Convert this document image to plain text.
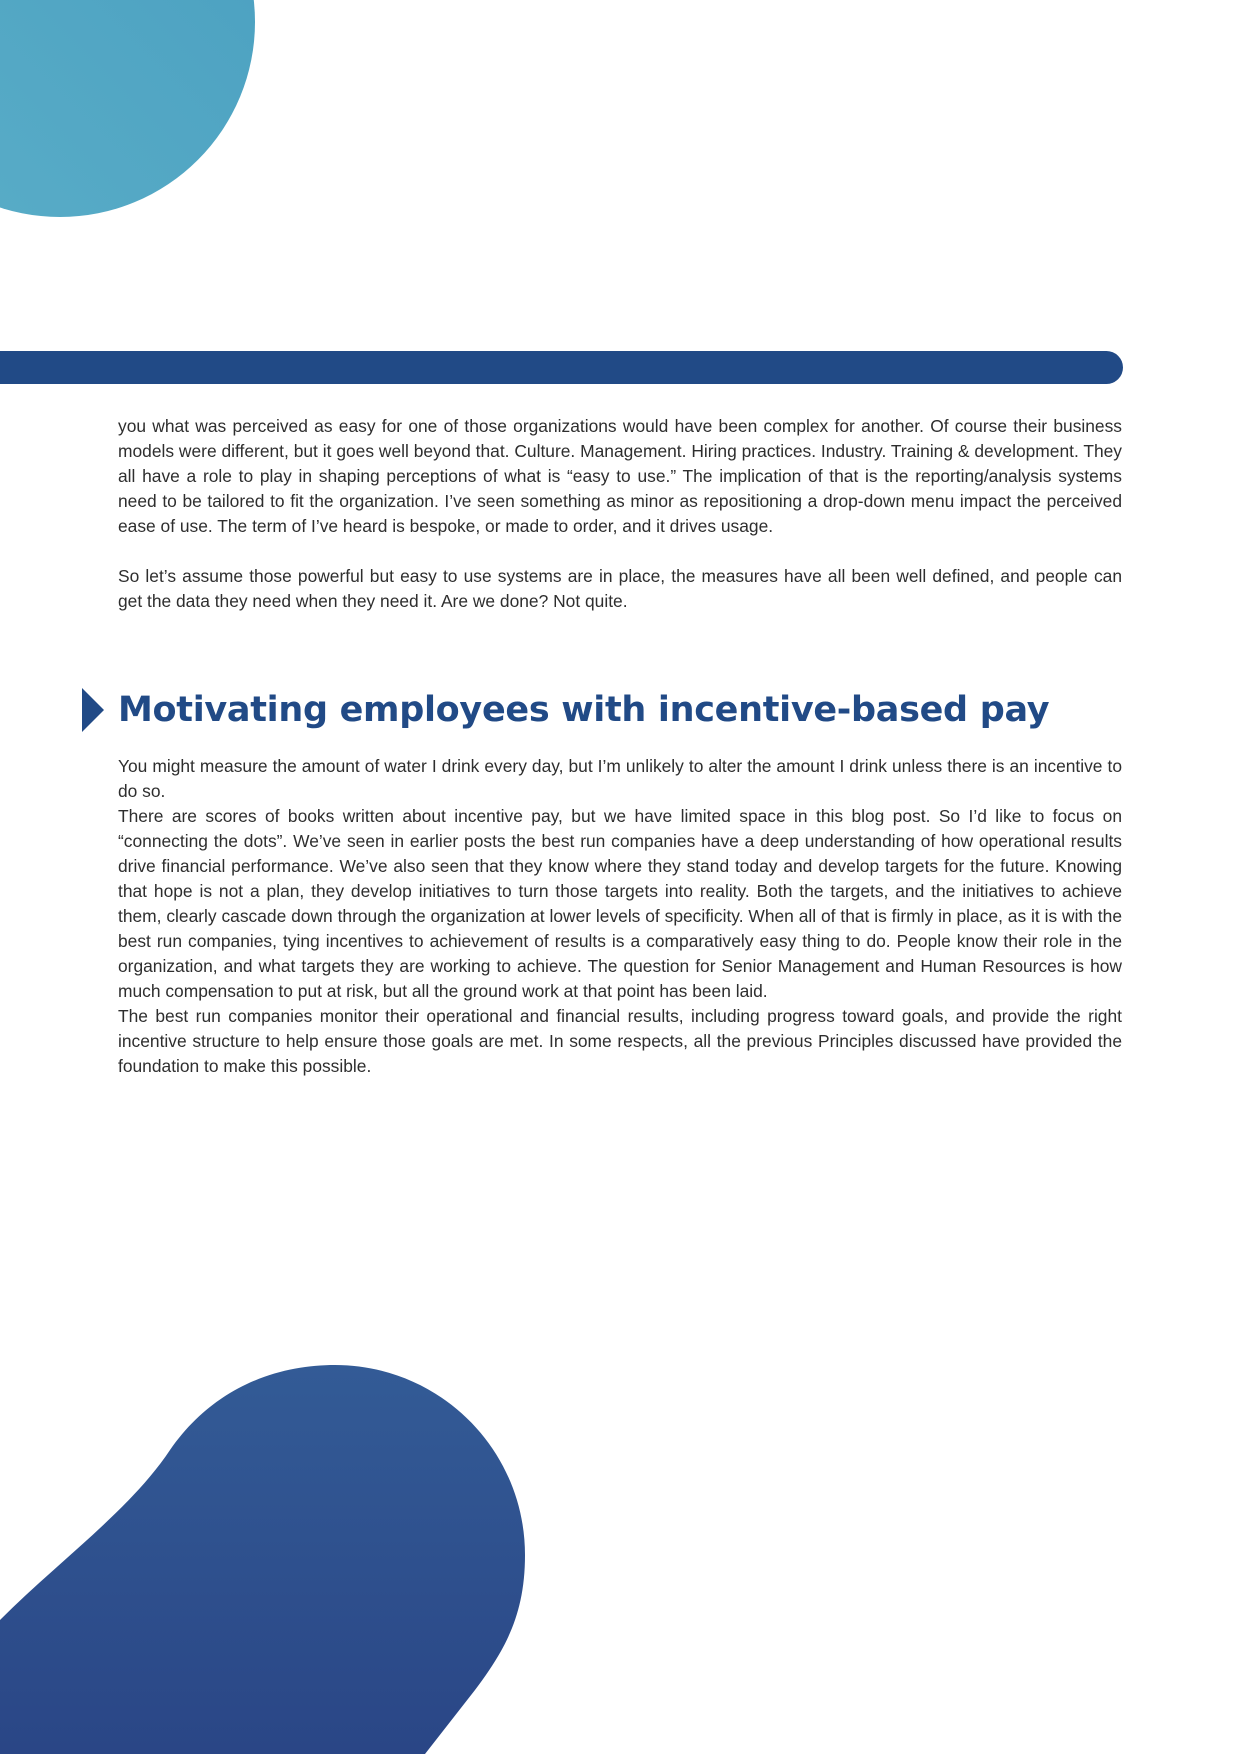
you what was perceived as easy for one of those organizations would have been complex for another. Of course their business models were different, but it goes well beyond that. Culture. Management. Hiring practices. Industry. Training & development. They all have a role to play in shaping perceptions of what is “easy to use.” The implication of that is the reporting/analysis systems need to be tailored to fit the organization. I’ve seen something as minor as repositioning a drop-down menu impact the perceived ease of use. The term of I’ve heard is bespoke, or made to order, and it drives usage.

So let’s assume those powerful but easy to use systems are in place, the measures have all been well defined, and people can get the data they need when they need it. Are we done? Not quite.

Motivating employees with incentive-based pay

You might measure the amount of water I drink every day, but I’m unlikely to alter the amount I drink unless there is an incentive to do so.

There are scores of books written about incentive pay, but we have limited space in this blog post. So I’d like to focus on “connecting the dots”. We’ve seen in earlier posts the best run companies have a deep understanding of how operational results drive financial performance. We’ve also seen that they know where they stand today and develop targets for the future. Knowing that hope is not a plan, they develop initiatives to turn those targets into reality. Both the targets, and the initiatives to achieve them, clearly cascade down through the organization at lower levels of specificity. When all of that is firmly in place, as it is with the best run companies, tying incentives to achievement of results is a comparatively easy thing to do. People know their role in the organization, and what targets they are working to achieve. The question for Senior Management and Human Resources is how much compensation to put at risk, but all the ground work at that point has been laid.

The best run companies monitor their operational and financial results, including progress toward goals, and provide the right incentive structure to help ensure those goals are met. In some respects, all the previous Principles discussed have provided the foundation to make this possible.
